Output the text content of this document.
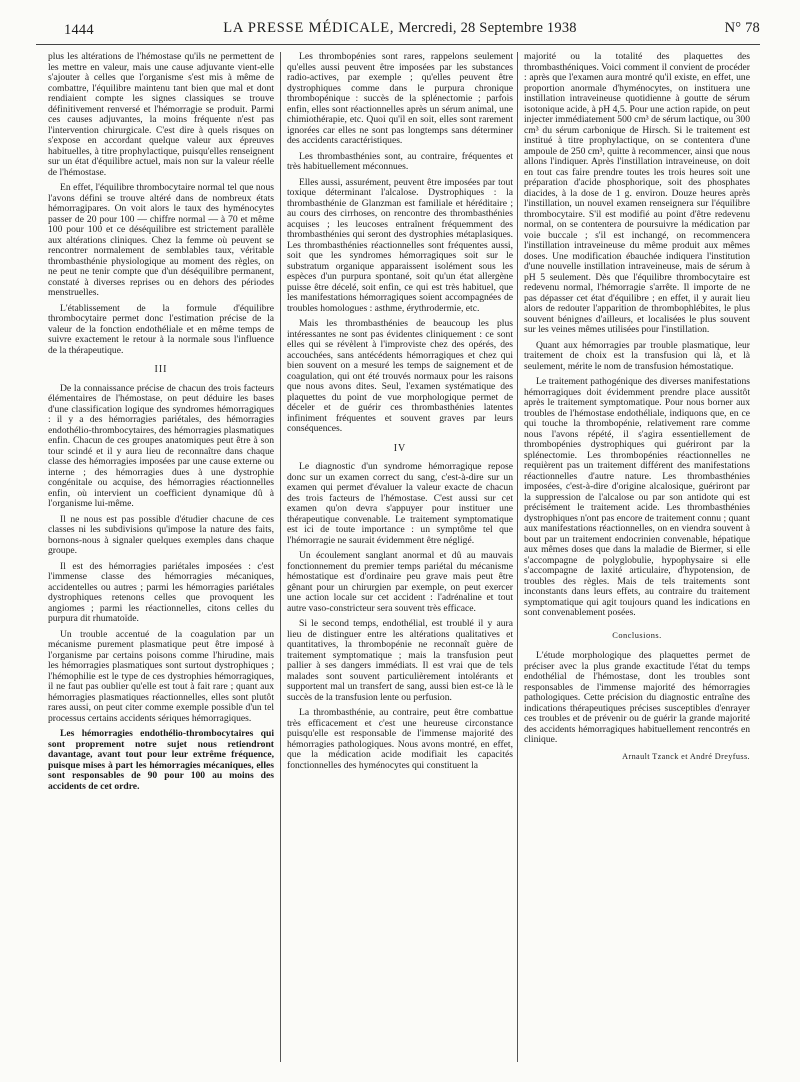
1444	LA PRESSE MÉDICALE, Mercredi, 28 Septembre 1938	N° 78

plus les altérations de l'hémostase qu'ils ne permettent de les mettre en valeur, mais une cause adjuvante vient-elle s'ajouter à celles que l'organisme s'est mis à même de combattre, l'équilibre maintenu tant bien que mal et dont rendiaient compte les signes classiques se trouve définitivement renversé et l'hémorragie se produit. Parmi ces causes adjuvantes, la moins fréquente n'est pas l'intervention chirurgicale. C'est dire à quels risques on s'expose en accordant quelque valeur aux épreuves habituelles, à titre prophylactique, puisqu'elles renseignent sur un état d'équilibre actuel, mais non sur la valeur réelle de l'hémostase.

En effet, l'équilibre thrombocytaire normal tel que nous l'avons défini se trouve altéré dans de nombreux états hémorragipares. On voit alors le taux des hyménocytes passer de 20 pour 100 — chiffre normal — à 70 et même 100 pour 100 et ce déséquilibre est strictement parallèle aux altérations cliniques. Chez la femme où peuvent se rencontrer normalement de semblables taux, véritable thrombasthénie physiologique au moment des règles, on ne peut ne tenir compte que d'un déséquilibre permanent, constaté à diverses reprises ou en dehors des périodes menstruelles.

L'établissement de la formule d'équilibre thrombocytaire permet donc l'estimation précise de la valeur de la fonction endothéliale et en même temps de suivre exactement le retour à la normale sous l'influence de la thérapeutique.

III

De la connaissance précise de chacun des trois facteurs élémentaires de l'hémostase, on peut déduire les bases d'une classification logique des syndromes hémorragiques : il y a des hémorragies pariétales, des hémorragies endothélio-thrombocytaires, des hémorragies plasmatiques enfin. Chacun de ces groupes anatomiques peut être à son tour scindé et il y aura lieu de reconnaître dans chaque classe des hémorragies imposées par une cause externe ou interne ; des hémorragies dues à une dystrophie congénitale ou acquise, des hémorragies réactionnelles enfin, où intervient un coefficient dynamique dû à l'organisme lui-même.

Il ne nous est pas possible d'étudier chacune de ces classes ni les subdivisions qu'impose la nature des faits, bornons-nous à signaler quelques exemples dans chaque groupe.

Il est des hémorragies pariétales imposées : c'est l'immense classe des hémorragies mécaniques, accidentelles ou autres ; parmi les hémorragies pariétales dystrophiques retenons celles que provoquent les angiomes ; parmi les réactionnelles, citons celles du purpura dit rhumatoïde.

Un trouble accentué de la coagulation par un mécanisme purement plasmatique peut être imposé à l'organisme par certains poisons comme l'hirudine, mais les hémorragies plasmatiques sont surtout dystrophiques ; l'hémophilie est le type de ces dystrophies hémorragiques, il ne faut pas oublier qu'elle est tout à fait rare ; quant aux hémorragies plasmatiques réactionnelles, elles sont plutôt rares aussi, on peut citer comme exemple possible d'un tel processus certains accidents sériques hémorragiques.

Les hémorragies endothélio-thrombocytaires qui sont proprement notre sujet nous retiendront davantage, avant tout pour leur extrême fréquence, puisque mises à part les hémorragies mécaniques, elles sont responsables de 90 pour 100 au moins des accidents de cet ordre.

Les thrombopénies sont rares, rappelons seulement qu'elles aussi peuvent être imposées par les substances radio-actives, par exemple ; qu'elles peuvent être dystrophiques comme dans le purpura chronique thrombopénique : succès de la splénectomie ; parfois enfin, elles sont réactionnelles après un sérum animal, une chimiothérapie, etc. Quoi qu'il en soit, elles sont rarement ignorées car elles ne sont pas longtemps sans déterminer des accidents caractéristiques.

Les thrombasthénies sont, au contraire, fréquentes et très habituellement méconnues.

Elles aussi, assurément, peuvent être imposées par tout toxique déterminant l'alcalose. Dystrophiques : la thrombasthénie de Glanzman est familiale et héréditaire ; au cours des cirrhoses, on rencontre des thrombasthénies acquises ; les leucoses entraînent fréquemment des thrombasthénies qui seront des dystrophies métaplasiques. Les thrombasthénies réactionnelles sont fréquentes aussi, soit que les syndromes hémorragiques soit sur le substratum organique apparaissent isolément sous les espèces d'un purpura spontané, soit qu'un état allergène puisse être décelé, soit enfin, ce qui est très habituel, que les manifestations hémorragiques soient accompagnées de troubles homologues : asthme, érythrodermie, etc.

Mais les thrombasthénies de beaucoup les plus intéressantes ne sont pas évidentes cliniquement : ce sont elles qui se révèlent à l'improviste chez des opérés, des accouchées, sans antécédents hémorragiques et chez qui bien souvent on a mesuré les temps de saignement et de coagulation, qui ont été trouvés normaux pour les raisons que nous avons dites. Seul, l'examen systématique des plaquettes du point de vue morphologique permet de déceler et de guérir ces thrombasthénies latentes infiniment fréquentes et souvent graves par leurs conséquences.

IV

Le diagnostic d'un syndrome hémorragique repose donc sur un examen correct du sang, c'est-à-dire sur un examen qui permet d'évaluer la valeur exacte de chacun des trois facteurs de l'hémostase. C'est aussi sur cet examen qu'on devra s'appuyer pour instituer une thérapeutique convenable. Le traitement symptomatique est ici de toute importance : un symptôme tel que l'hémorragie ne saurait évidemment être négligé.

Un écoulement sanglant anormal et dû au mauvais fonctionnement du premier temps pariétal du mécanisme hémostatique est d'ordinaire peu grave mais peut être gênant pour un chirurgien par exemple, on peut exercer une action locale sur cet accident : l'adrénaline et tout autre vaso-constricteur sera souvent très efficace.

Si le second temps, endothélial, est troublé il y aura lieu de distinguer entre les altérations qualitatives et quantitatives, la thrombopénie ne reconnaît guère de traitement symptomatique ; mais la transfusion peut pallier à ses dangers immédiats. Il est vrai que de tels malades sont souvent particulièrement intolérants et supportent mal un transfert de sang, aussi bien est-ce là le succès de la transfusion lente ou perfusion.

La thrombasthénie, au contraire, peut être combattue très efficacement et c'est une heureuse circonstance puisqu'elle est responsable de l'immense majorité des hémorragies pathologiques. Nous avons montré, en effet, que la médication acide modifiait les capacités fonctionnelles des hyménocytes qui constituent la

majorité ou la totalité des plaquettes des thrombasthéniques. Voici comment il convient de procéder : après que l'examen aura montré qu'il existe, en effet, une proportion anormale d'hyménocytes, on instituera une instillation intraveineuse quotidienne à goutte de sérum isotonique acide, à pH 4,5. Pour une action rapide, on peut injecter immédiatement 500 cm³ de sérum lactique, ou 300 cm³ du sérum carbonique de Hirsch. Si le traitement est institué à titre prophylactique, on se contentera d'une ampoule de 250 cm³, quitte à recommencer, ainsi que nous allons l'indiquer. Après l'instillation intraveineuse, on doit en tout cas faire prendre toutes les trois heures soit une préparation d'acide phosphorique, soit des phosphates diacides, à la dose de 1 g. environ. Douze heures après l'instillation, un nouvel examen renseignera sur l'équilibre thrombocytaire. S'il est modifié au point d'être redevenu normal, on se contentera de poursuivre la médication par voie buccale ; s'il est inchangé, on recommencera l'instillation intraveineuse du même produit aux mêmes doses. Une modification ébauchée indiquera l'institution d'une nouvelle instillation intraveineuse, mais de sérum à pH 5 seulement. Dès que l'équilibre thrombocytaire est redevenu normal, l'hémorragie s'arrête. Il importe de ne pas dépasser cet état d'équilibre ; en effet, il y aurait lieu alors de redouter l'apparition de thrombophlébites, le plus souvent bénignes d'ailleurs, et localisées le plus souvent sur les veines mêmes utilisées pour l'instillation.

Quant aux hémorragies par trouble plasmatique, leur traitement de choix est la transfusion qui là, et là seulement, mérite le nom de transfusion hémostatique.

Le traitement pathogénique des diverses manifestations hémorragiques doit évidemment prendre place aussitôt après le traitement symptomatique. Pour nous borner aux troubles de l'hémostase endothéliale, indiquons que, en ce qui touche la thrombopénie, relativement rare comme nous l'avons répété, il s'agira essentiellement de thrombopénies dystrophiques qui guériront par la splénectomie. Les thrombopénies réactionnelles ne requièrent pas un traitement différent des manifestations réactionnelles d'autre nature. Les thrombasthénies imposées, c'est-à-dire d'origine alcalosique, guériront par la suppression de l'alcalose ou par son antidote qui est précisément le traitement acide. Les thrombasthénies dystrophiques n'ont pas encore de traitement connu ; quant aux manifestations réactionnelles, on en viendra souvent à bout par un traitement endocrinien convenable, hépatique aux mêmes doses que dans la maladie de Biermer, si elle s'accompagne de polyglobulie, hypophysaire si elle s'accompagne de laxité articulaire, d'hypotension, de troubles des règles. Mais de tels traitements sont inconstants dans leurs effets, au contraire du traitement symptomatique qui agit toujours quand les indications en sont convenablement posées.

Conclusions.

L'étude morphologique des plaquettes permet de préciser avec la plus grande exactitude l'état du temps endothélial de l'hémostase, dont les troubles sont responsables de l'immense majorité des hémorragies pathologiques. Cette précision du diagnostic entraîne des indications thérapeutiques précises susceptibles d'enrayer ces troubles et de prévenir ou de guérir la grande majorité des accidents hémorragiques habituellement rencontrés en clinique.

Arnault Tzanck et André Dreyfuss.
